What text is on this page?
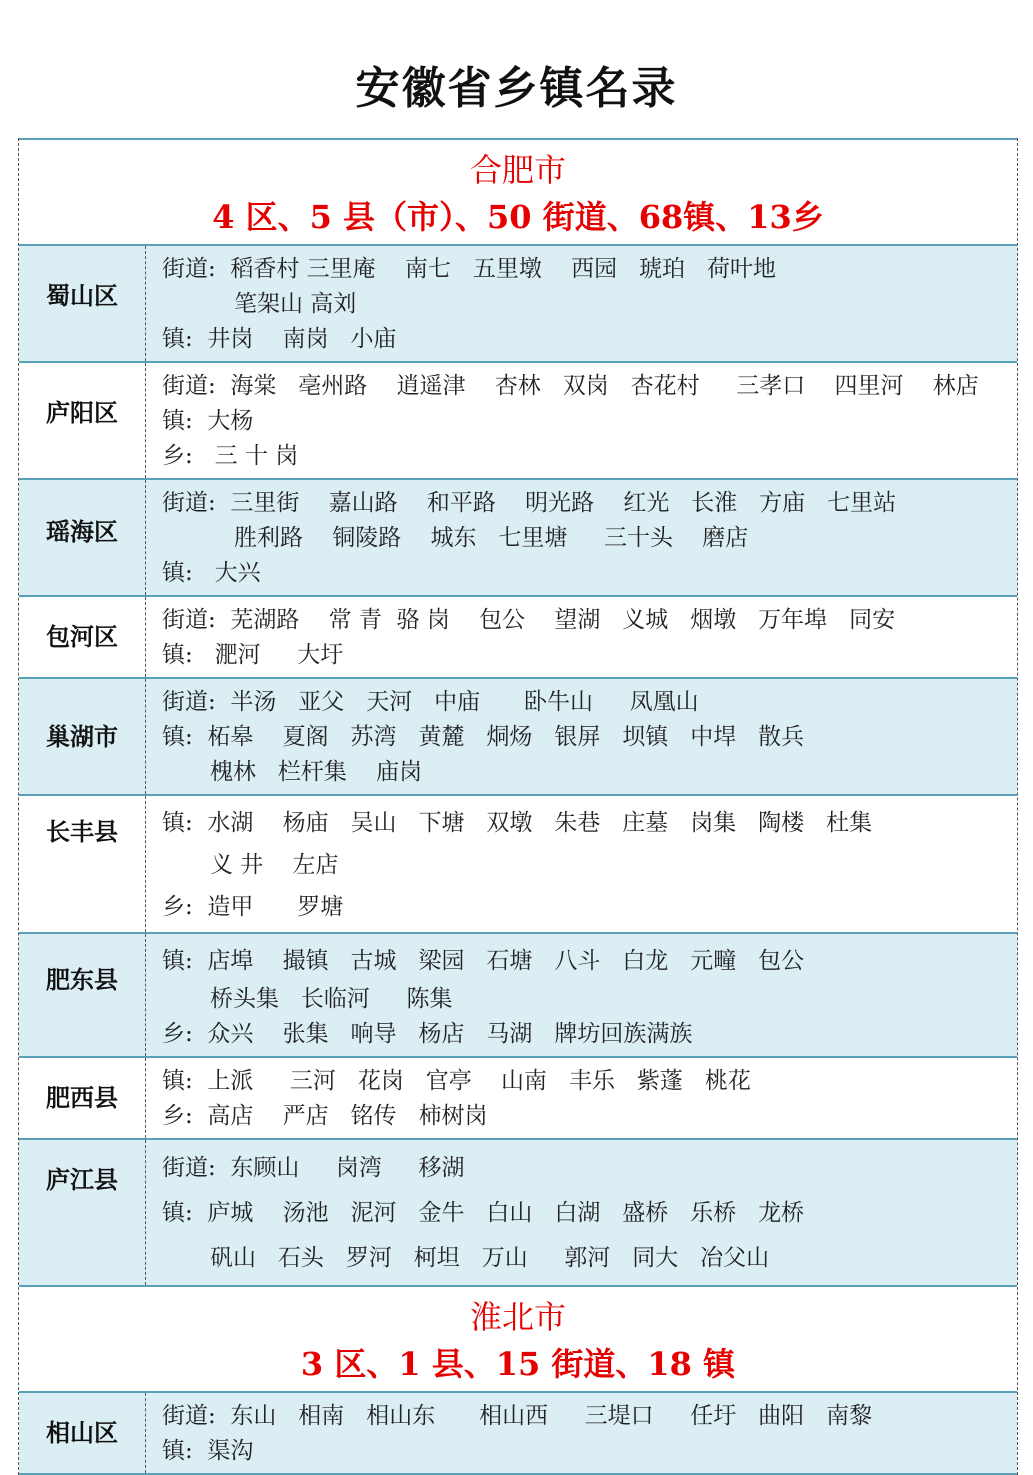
安徽省乡镇名录
合肥市
4 区、5 县（市）、50 街道、68镇、13乡
蜀山区
街道:  稻香村 三里庵    南七   五里墩    西园   琥珀   荷叶地
笔架山 高刘
镇:  井岗    南岗   小庙
庐阳区
街道:  海棠   亳州路    逍遥津    杏林   双岗   杏花村     三孝口    四里河    林店
镇:  大杨
乡:   三 十 岗
瑶海区
街道:  三里街    嘉山路    和平路    明光路    红光   长淮   方庙   七里站
胜利路    铜陵路    城东   七里塘     三十头    磨店
镇:   大兴
包河区
街道:  芜湖路    常 青  骆 岗    包公    望湖   义城   烟墩   万年埠   同安
镇:   淝河     大圩
巢湖市
街道:  半汤   亚父   天河   中庙      卧牛山     凤凰山
镇:  柘皋    夏阁   苏湾   黄麓   烔炀   银屏   坝镇   中垾   散兵
槐林   栏杆集    庙岗
长丰县	镇:  水湖    杨庙   吴山   下塘   双墩   朱巷   庄墓   岗集   陶楼   杜集
义 井    左店
乡:  造甲      罗塘
肥东县
镇:  店埠    撮镇   古城   梁园   石塘   八斗   白龙   元疃   包公
桥头集   长临河     陈集
乡:  众兴    张集   响导   杨店   马湖   牌坊回族满族
肥西县
镇:  上派     三河   花岗   官亭    山南   丰乐   紫蓬   桃花
乡:  高店    严店   铭传   柿树岗
庐江县	街道:  东顾山     岗湾     移湖
镇:  庐城    汤池   泥河   金牛   白山   白湖   盛桥   乐桥   龙桥
矾山   石头   罗河   柯坦   万山     郭河   同大   冶父山
淮北市
3 区、1 县、15 街道、18 镇
相山区
街道:  东山   相南   相山东      相山西     三堤口     任圩   曲阳   南黎
镇:  渠沟
